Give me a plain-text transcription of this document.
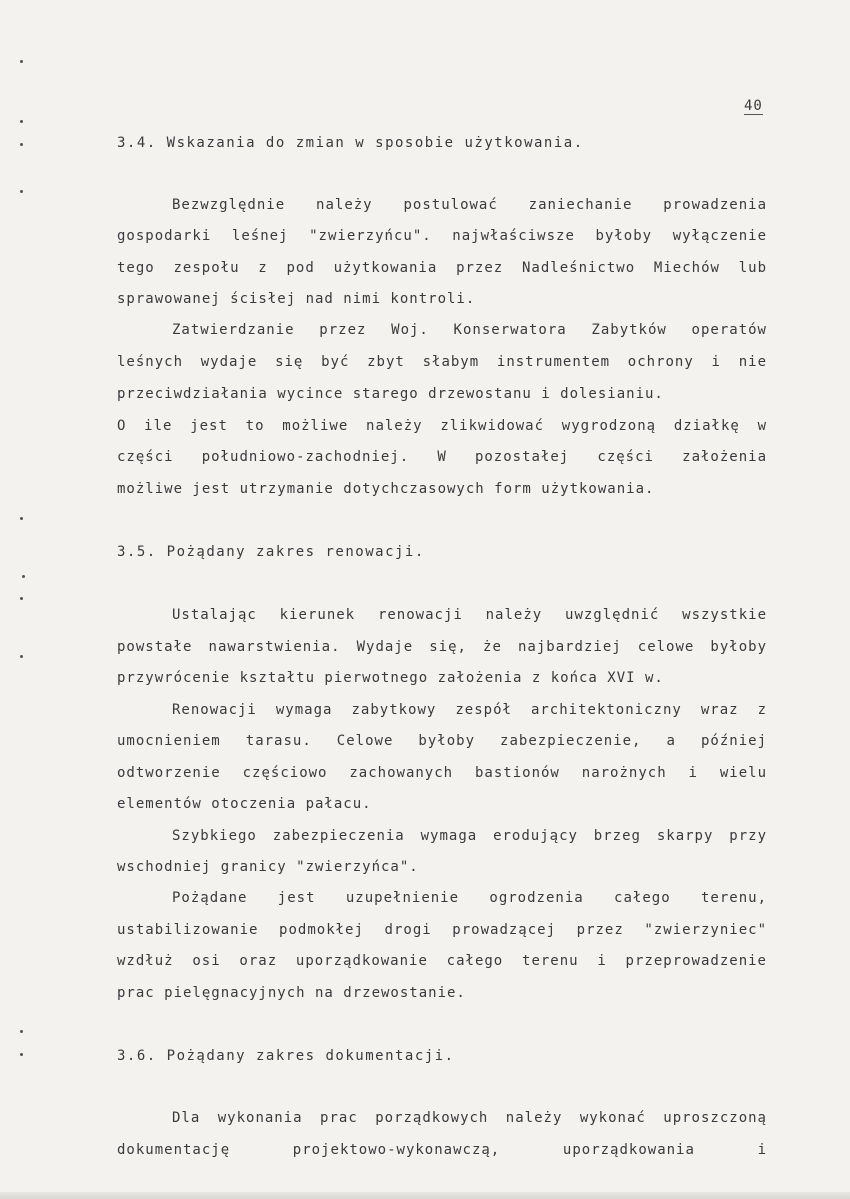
40
3.4. Wskazania do zmian w sposobie użytkowania.
Bezwzględnie należy postulować zaniechanie prowadzenia
gospodarki leśnej "zwierzyńcu". najwłaściwsze byłoby wyłączenie
tego zespołu z pod użytkowania przez Nadleśnictwo Miechów lub
sprawowanej ścisłej nad nimi kontroli.
Zatwierdzanie przez Woj. Konserwatora Zabytków operatów
leśnych wydaje się być zbyt słabym instrumentem ochrony i nie
przeciwdziałania wycince starego drzewostanu i dolesianiu.
O ile jest to możliwe należy zlikwidować wygrodzoną działkę w
części południowo-zachodniej. W pozostałej części założenia
możliwe jest utrzymanie dotychczasowych form użytkowania.
3.5. Pożądany zakres renowacji.
Ustalając kierunek renowacji należy uwzględnić wszystkie
powstałe nawarstwienia. Wydaje się, że najbardziej celowe byłoby
przywrócenie kształtu pierwotnego założenia z końca XVI w.
Renowacji wymaga zabytkowy zespół architektoniczny wraz z
umocnieniem tarasu. Celowe byłoby zabezpieczenie, a później
odtworzenie częściowo zachowanych bastionów narożnych i wielu
elementów otoczenia pałacu.
Szybkiego zabezpieczenia wymaga erodujący brzeg skarpy przy
wschodniej granicy "zwierzyńca".
Pożądane jest uzupełnienie ogrodzenia całego terenu,
ustabilizowanie podmokłej drogi prowadzącej przez "zwierzyniec"
wzdłuż osi oraz uporządkowanie całego terenu i przeprowadzenie
prac pielęgnacyjnych na drzewostanie.
3.6. Pożądany zakres dokumentacji.
Dla wykonania prac porządkowych należy wykonać uproszczoną
dokumentację projektowo-wykonawczą, uporządkowania i
